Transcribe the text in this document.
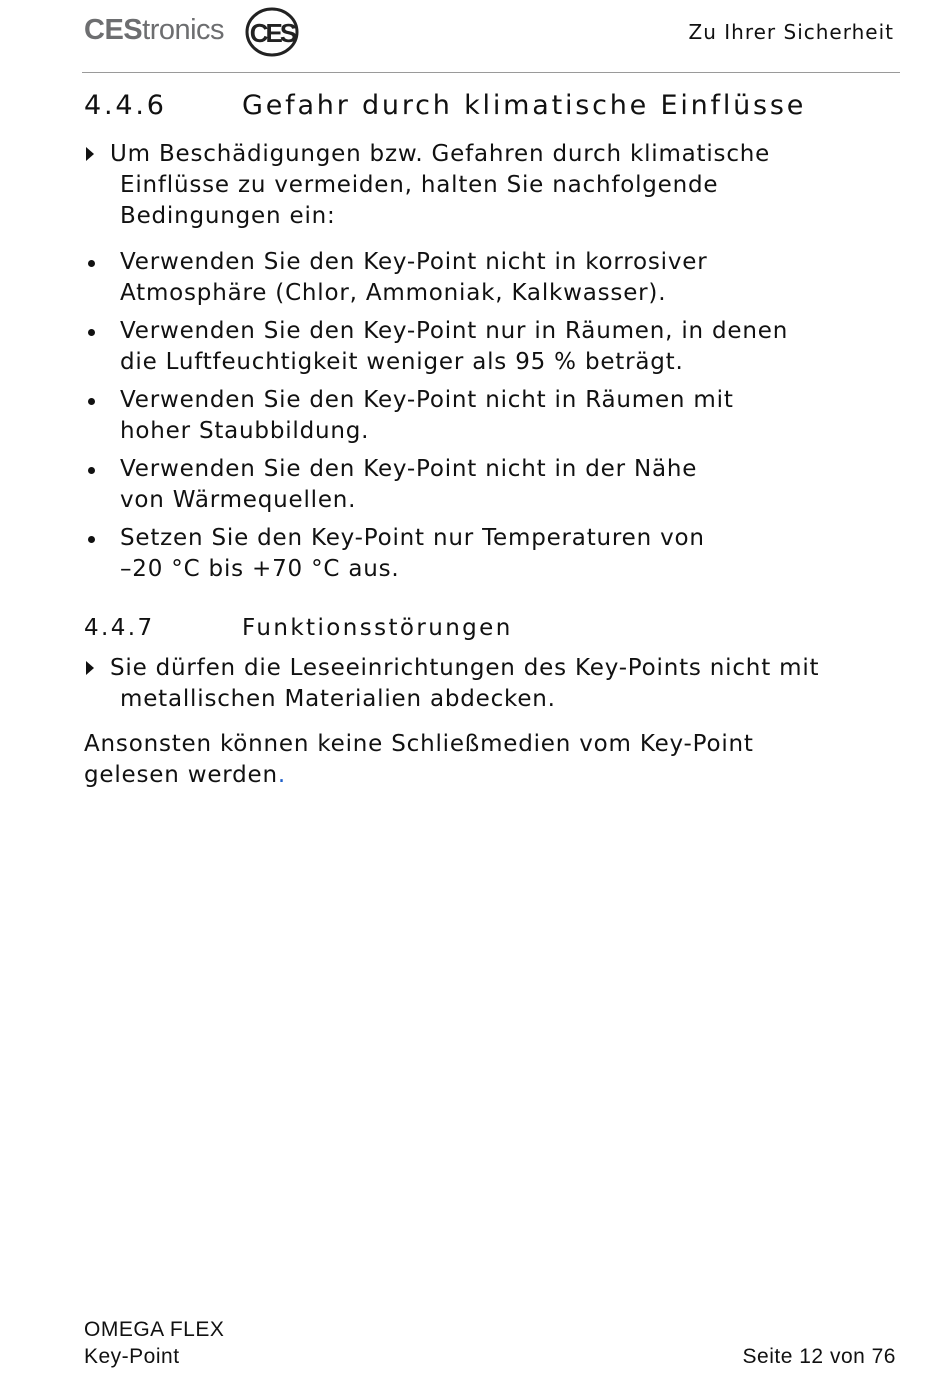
CEStronics CES	Zu Ihrer Sicherheit
4.4.6	Gefahr durch klimatische Einflüsse
Um Beschädigungen bzw. Gefahren durch klimatische
Einflüsse zu vermeiden, halten Sie nachfolgende
Bedingungen ein:
Verwenden Sie den Key-Point nicht in korrosiver
Atmosphäre (Chlor, Ammoniak, Kalkwasser).
Verwenden Sie den Key-Point nur in Räumen, in denen
die Luftfeuchtigkeit weniger als 95 % beträgt.
Verwenden Sie den Key-Point nicht in Räumen mit
hoher Staubbildung.
Verwenden Sie den Key-Point nicht in der Nähe
von Wärmequellen.
Setzen Sie den Key-Point nur Temperaturen von
–20 °C bis +70 °C aus.
4.4.7	Funktionsstörungen
Sie dürfen die Leseeinrichtungen des Key-Points nicht mit
metallischen Materialien abdecken.
Ansonsten können keine Schließmedien vom Key-Point
gelesen werden.
OMEGA FLEX
Key-Point	Seite 12 von 76
